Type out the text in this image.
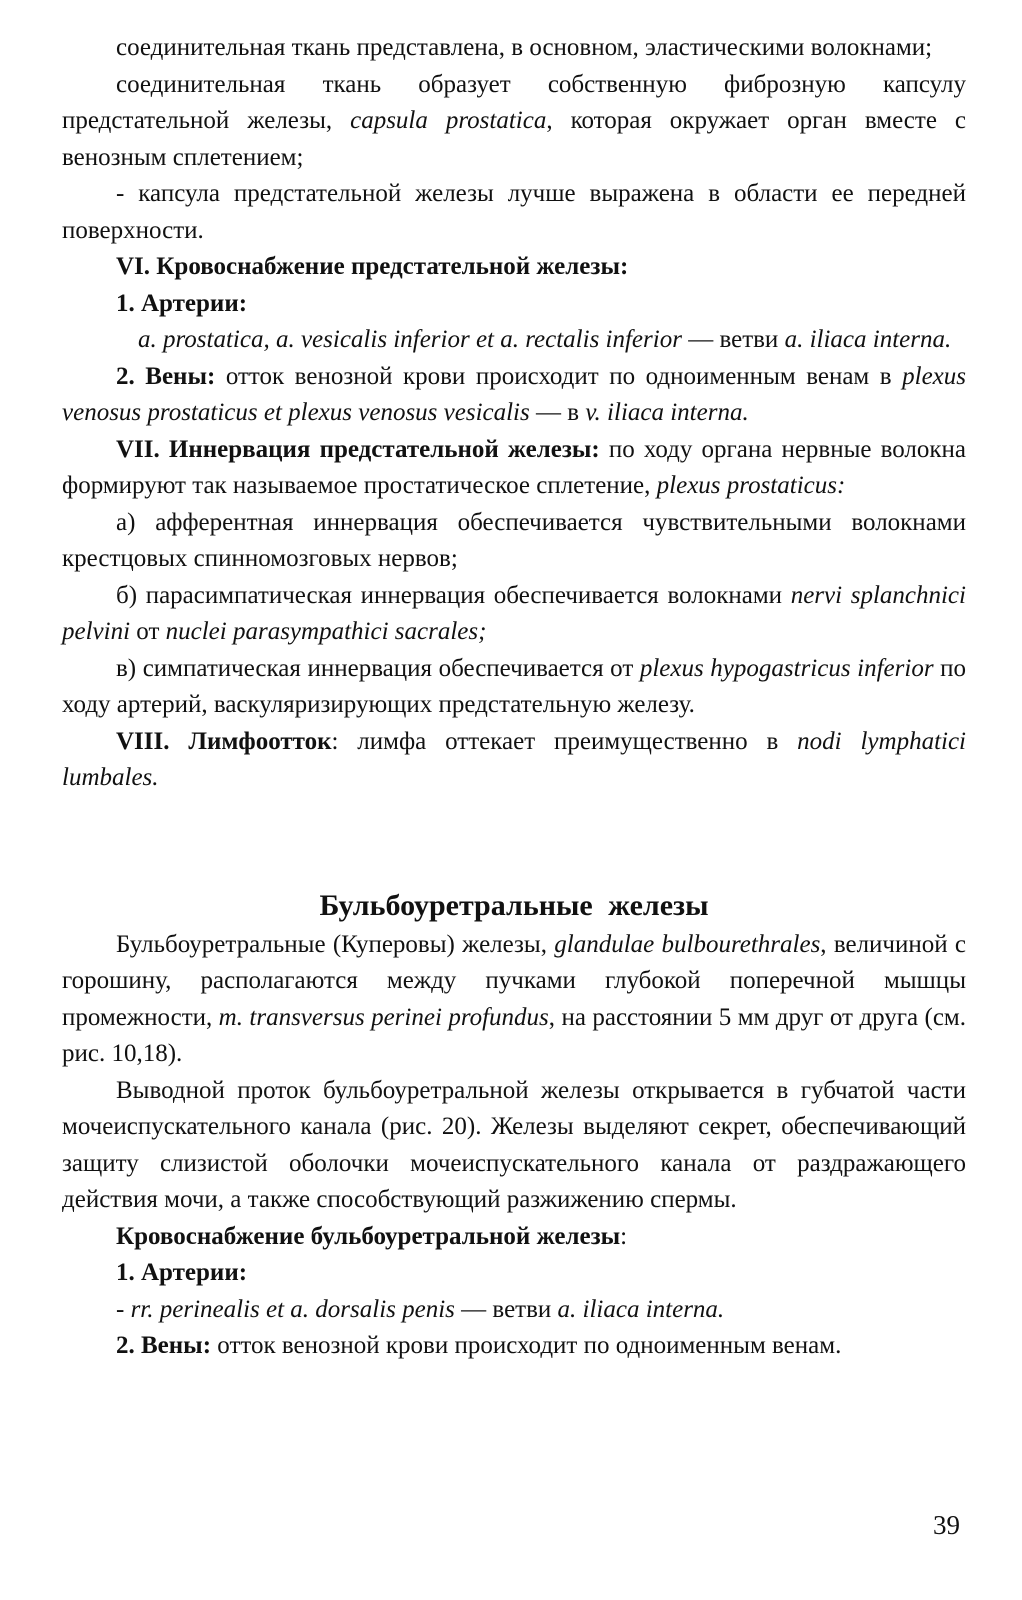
соединительная ткань представлена, в основном, эластическими волокнами;

соединительная ткань образует собственную фиброзную капсулу предстательной железы, capsula prostatica, которая окружает орган вместе с венозным сплетением;

- капсула предстательной железы лучше выражена в области ее передней поверхности.

VI. Кровоснабжение предстательной железы:

1. Артерии:

a. prostatica, a. vesicalis inferior et a. rectalis inferior — ветви a. iliaca interna.

2. Вены: отток венозной крови происходит по одноименным венам в plexus venosus prostaticus et plexus venosus vesicalis — в v. iliaca interna.

VII. Иннервация предстательной железы: по ходу органа нервные волокна формируют так называемое простатическое сплетение, plexus prostaticus:

а) афферентная иннервация обеспечивается чувствительными волокнами крестцовых спинномозговых нервов;

б) парасимпатическая иннервация обеспечивается волокнами nervi splanchnici pelvini от nuclei parasympathici sacrales;

в) симпатическая иннервация обеспечивается от plexus hypogastricus inferior по ходу артерий, васкуляризирующих предстательную железу.

VIII. Лимфоотток: лимфа оттекает преимущественно в nodi lymphatici lumbales.

Бульбоуретральные железы

Бульбоуретральные (Куперовы) железы, glandulae bulbourethrales, величиной с горошину, располагаются между пучками глубокой поперечной мышцы промежности, m. transversus perinei profundus, на расстоянии 5 мм друг от друга (см. рис. 10,18).

Выводной проток бульбоуретральной железы открывается в губчатой части мочеиспускательного канала (рис. 20). Железы выделяют секрет, обеспечивающий защиту слизистой оболочки мочеиспускательного канала от раздражающего действия мочи, а также способствующий разжижению спермы.

Кровоснабжение бульбоуретральной железы:

1. Артерии:

- rr. perinealis et a. dorsalis penis — ветви a. iliaca interna.

2. Вены: отток венозной крови происходит по одноименным венам.

39
